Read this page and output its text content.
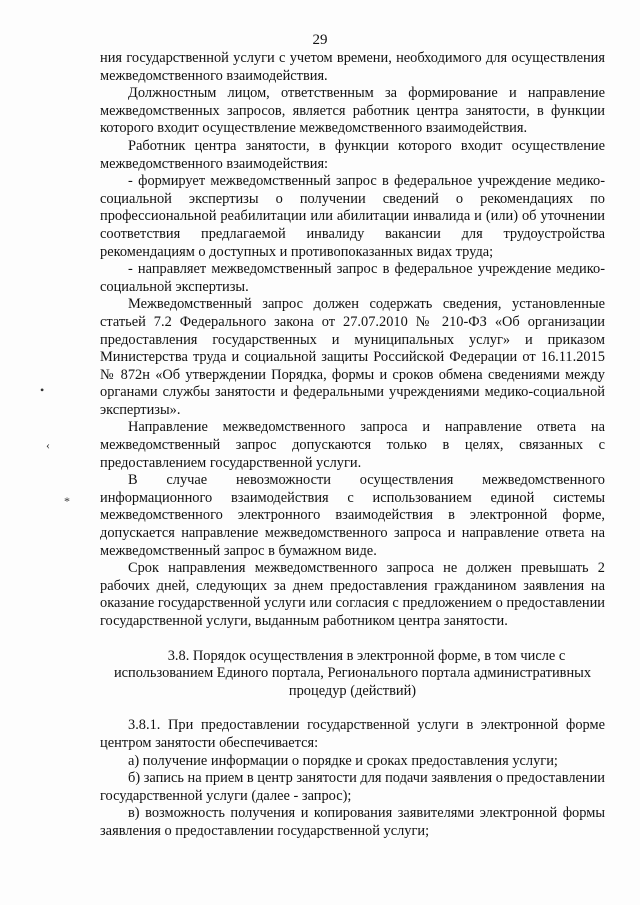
29
•
‹
*

ния государственной услуги с учетом времени, необходимого для осуществления межведомственного взаимодействия.

Должностным лицом, ответственным за формирование и направление межведомственных запросов, является работник центра занятости, в функции которого входит осуществление межведомственного взаимодействия.

Работник центра занятости, в функции которого входит осуществление межведомственного взаимодействия:

- формирует межведомственный запрос в федеральное учреждение медико-социальной экспертизы о получении сведений о рекомендациях по профессиональной реабилитации или абилитации инвалида и (или) об уточнении соответствия предлагаемой инвалиду вакансии для трудоустройства рекомендациям о доступных и противопоказанных видах труда;

- направляет межведомственный запрос в федеральное учреждение медико-социальной экспертизы.

Межведомственный запрос должен содержать сведения, установленные статьей 7.2 Федерального закона от 27.07.2010 № 210-ФЗ «Об организации предоставления государственных и муниципальных услуг» и приказом Министерства труда и социальной защиты Российской Федерации от 16.11.2015 № 872н «Об утверждении Порядка, формы и сроков обмена сведениями между органами службы занятости и федеральными учреждениями медико-социальной экспертизы».

Направление межведомственного запроса и направление ответа на межведомственный запрос допускаются только в целях, связанных с предоставлением государственной услуги.

В случае невозможности осуществления межведомственного информационного взаимодействия с использованием единой системы межведомственного электронного взаимодействия в электронной форме, допускается направление межведомственного запроса и направление ответа на межведомственный запрос в бумажном виде.

Срок направления межведомственного запроса не должен превышать 2 рабочих дней, следующих за днем предоставления гражданином заявления на оказание государственной услуги или согласия с предложением о предоставлении государственной услуги, выданным работником центра занятости.

3.8. Порядок осуществления в электронной форме, в том числе с использованием Единого портала, Регионального портала административных процедур (действий)

3.8.1. При предоставлении государственной услуги в электронной форме центром занятости обеспечивается:

а) получение информации о порядке и сроках предоставления услуги;

б) запись на прием в центр занятости для подачи заявления о предоставлении государственной услуги (далее - запрос);

в) возможность получения и копирования заявителями электронной формы заявления о предоставлении государственной услуги;
